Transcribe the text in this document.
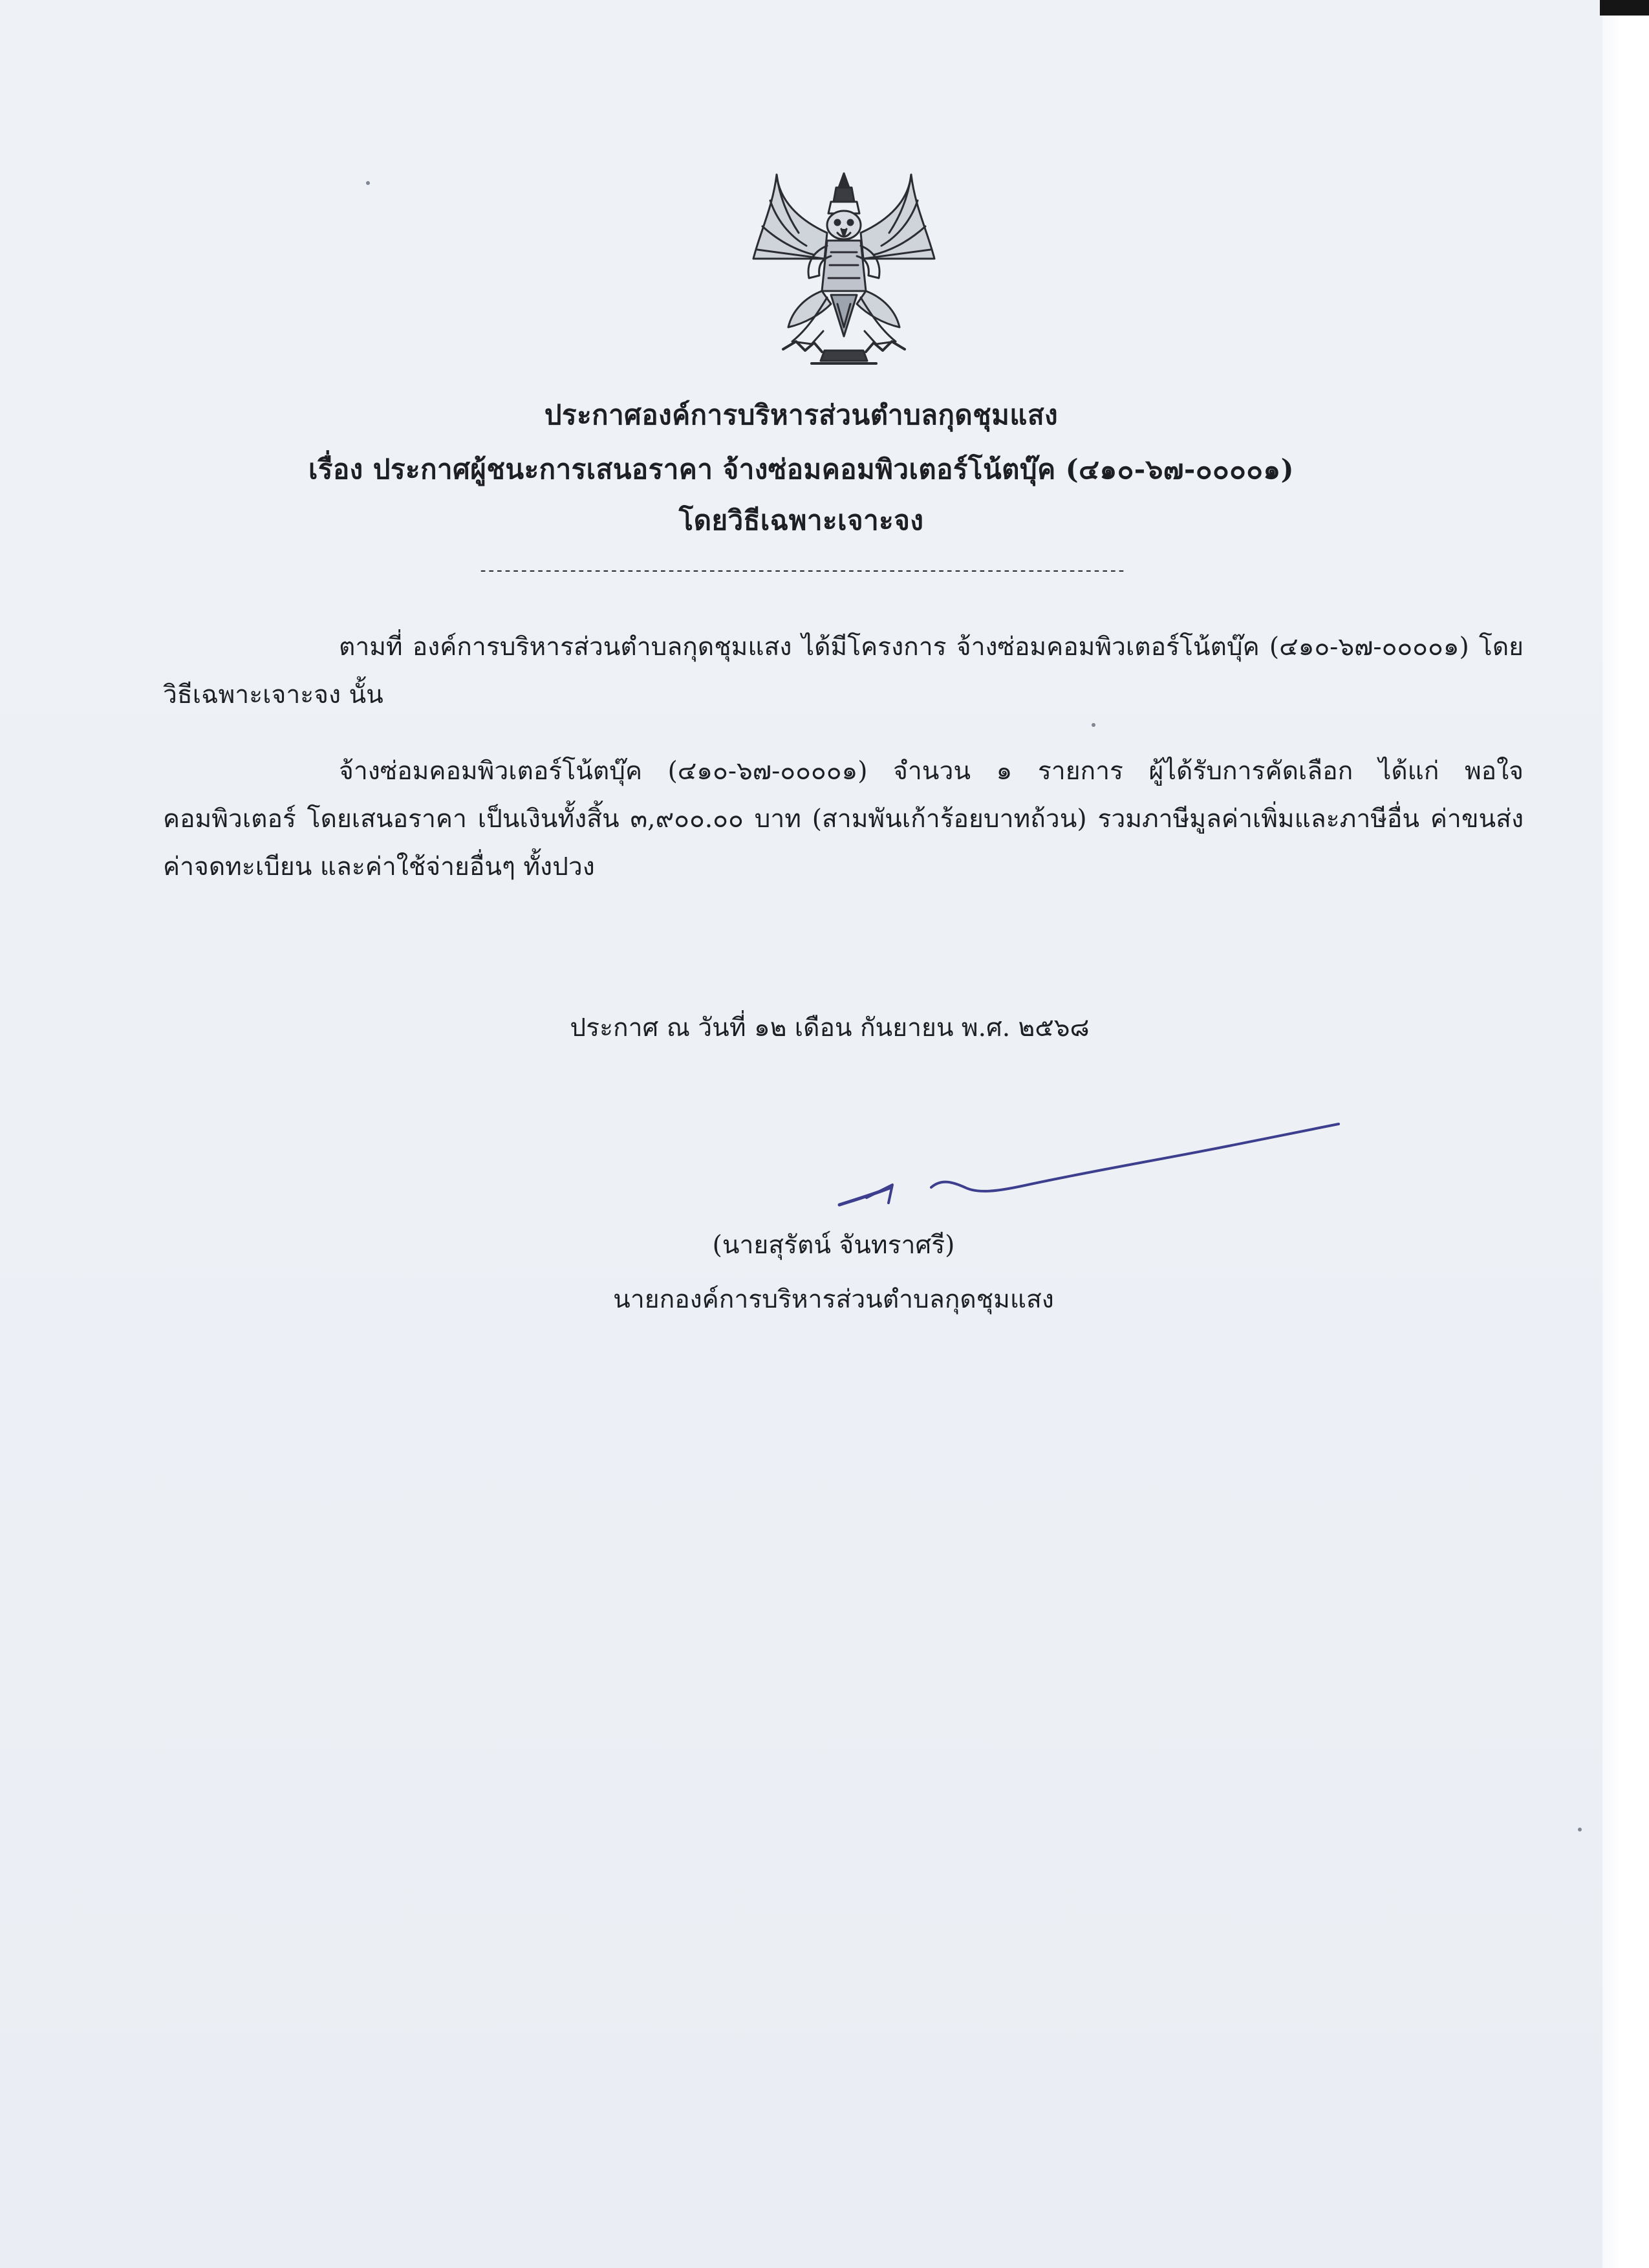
ประกาศองค์การบริหารส่วนตำบลกุดชุมแสง
เรื่อง ประกาศผู้ชนะการเสนอราคา จ้างซ่อมคอมพิวเตอร์โน้ตบุ๊ค (๔๑๐-๖๗-๐๐๐๐๑)
โดยวิธีเฉพาะเจาะจง
-------------------------------------------------------------------------------
ตามที่ องค์การบริหารส่วนตำบลกุดชุมแสง ได้มีโครงการ จ้างซ่อมคอมพิวเตอร์โน้ตบุ๊ค (๔๑๐-๖๗-๐๐๐๐๑) โดยวิธีเฉพาะเจาะจง นั้น
จ้างซ่อมคอมพิวเตอร์โน้ตบุ๊ค (๔๑๐-๖๗-๐๐๐๐๑) จำนวน ๑ รายการ ผู้ได้รับการคัดเลือก ได้แก่ พอใจคอมพิวเตอร์ โดยเสนอราคา เป็นเงินทั้งสิ้น ๓,๙๐๐.๐๐ บาท (สามพันเก้าร้อยบาทถ้วน) รวมภาษีมูลค่าเพิ่มและภาษีอื่น ค่าขนส่ง ค่าจดทะเบียน และค่าใช้จ่ายอื่นๆ ทั้งปวง
ประกาศ ณ วันที่ ๑๒ เดือน กันยายน พ.ศ. ๒๕๖๘
(นายสุรัตน์ จันทราศรี)
นายกองค์การบริหารส่วนตำบลกุดชุมแสง
